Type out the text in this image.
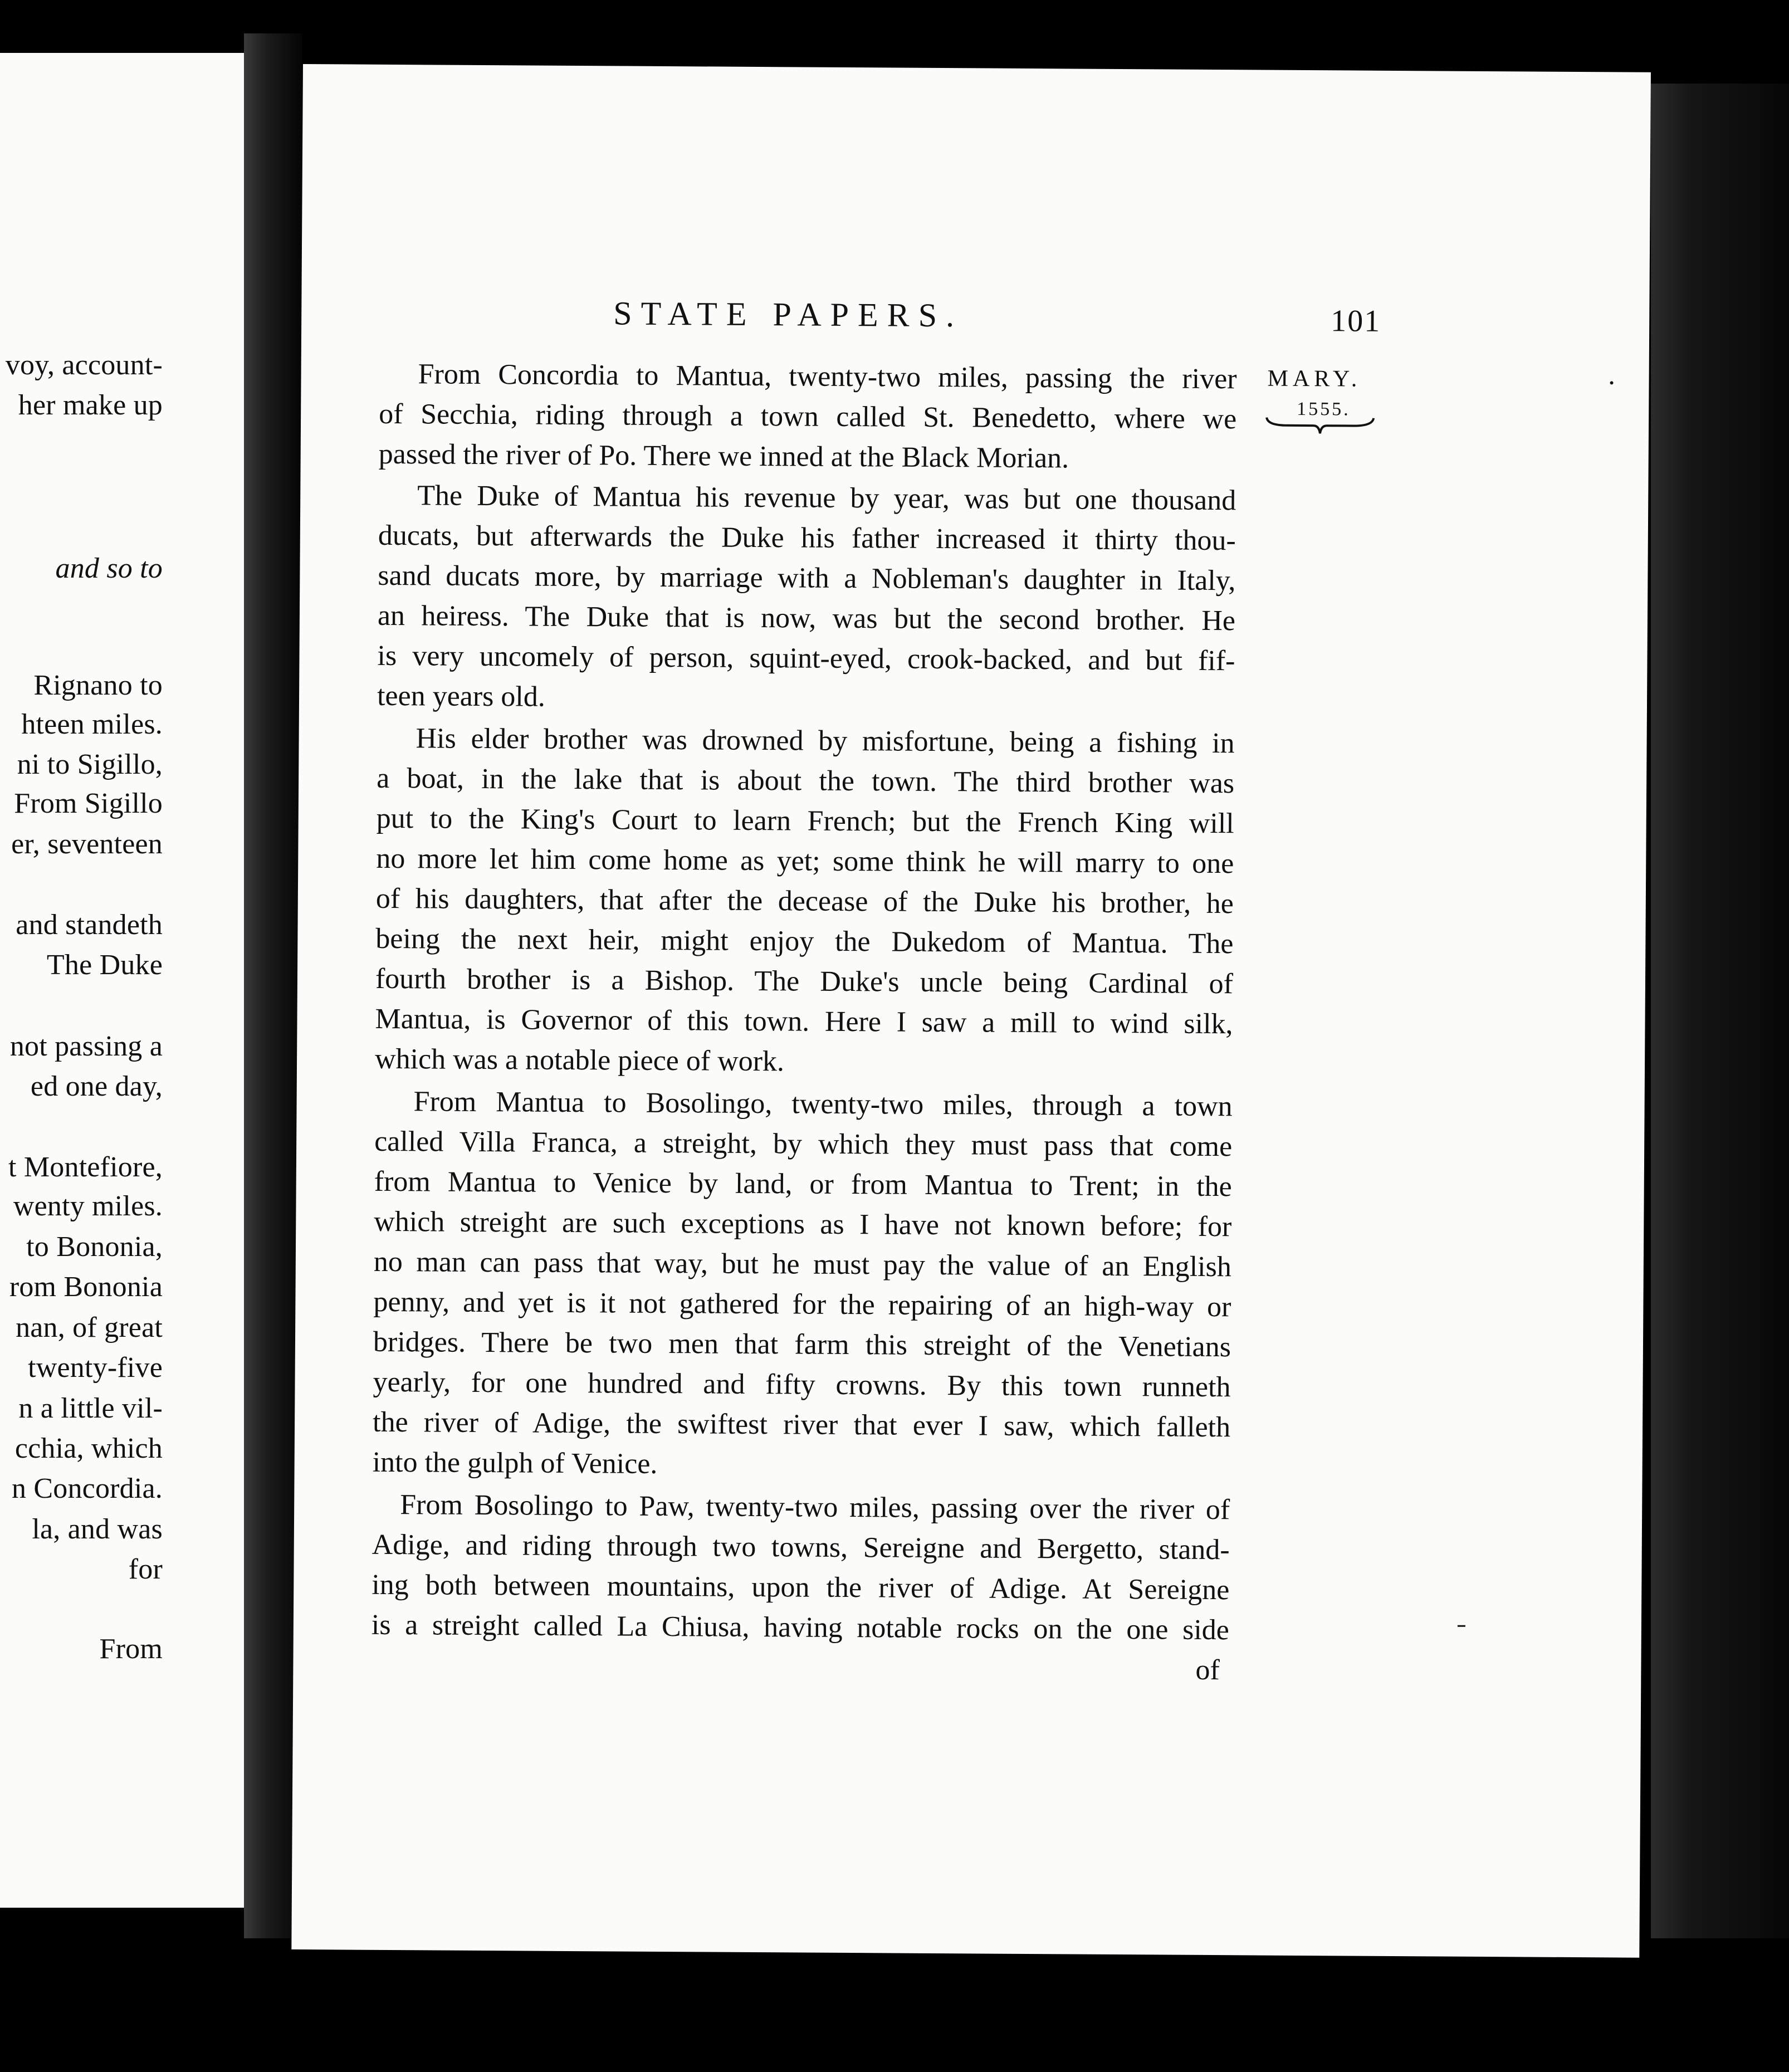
voy, account-
her make up
and so to
Rignano to
hteen miles.
ni to Sigillo,
From Sigillo
er, seventeen
and standeth
The Duke
not passing a
ed one day,
t Montefiore,
wenty miles.
to Bononia,
rom Bononia
nan, of great
twenty-five
n a little vil-
cchia, which
n Concordia.
la, and was
for
From
STATE PAPERS.	101
MARY.
1555.
From Concordia to Mantua, twenty-two miles, passing the river
of Secchia, riding through a town called St. Benedetto, where we
passed the river of Po. There we inned at the Black Morian.
The Duke of Mantua his revenue by year, was but one thousand
ducats, but afterwards the Duke his father increased it thirty thou-
sand ducats more, by marriage with a Nobleman's daughter in Italy,
an heiress. The Duke that is now, was but the second brother. He
is very uncomely of person, squint-eyed, crook-backed, and but fif-
teen years old.
His elder brother was drowned by misfortune, being a fishing in
a boat, in the lake that is about the town. The third brother was
put to the King's Court to learn French; but the French King will
no more let him come home as yet; some think he will marry to one
of his daughters, that after the decease of the Duke his brother, he
being the next heir, might enjoy the Dukedom of Mantua. The
fourth brother is a Bishop. The Duke's uncle being Cardinal of
Mantua, is Governor of this town. Here I saw a mill to wind silk,
which was a notable piece of work.
From Mantua to Bosolingo, twenty-two miles, through a town
called Villa Franca, a streight, by which they must pass that come
from Mantua to Venice by land, or from Mantua to Trent; in the
which streight are such exceptions as I have not known before; for
no man can pass that way, but he must pay the value of an English
penny, and yet is it not gathered for the repairing of an high-way or
bridges. There be two men that farm this streight of the Venetians
yearly, for one hundred and fifty crowns. By this town runneth
the river of Adige, the swiftest river that ever I saw, which falleth
into the gulph of Venice.
From Bosolingo to Paw, twenty-two miles, passing over the river of
Adige, and riding through two towns, Sereigne and Bergetto, stand-
ing both between mountains, upon the river of Adige. At Sereigne
is a streight called La Chiusa, having notable rocks on the one side
of
